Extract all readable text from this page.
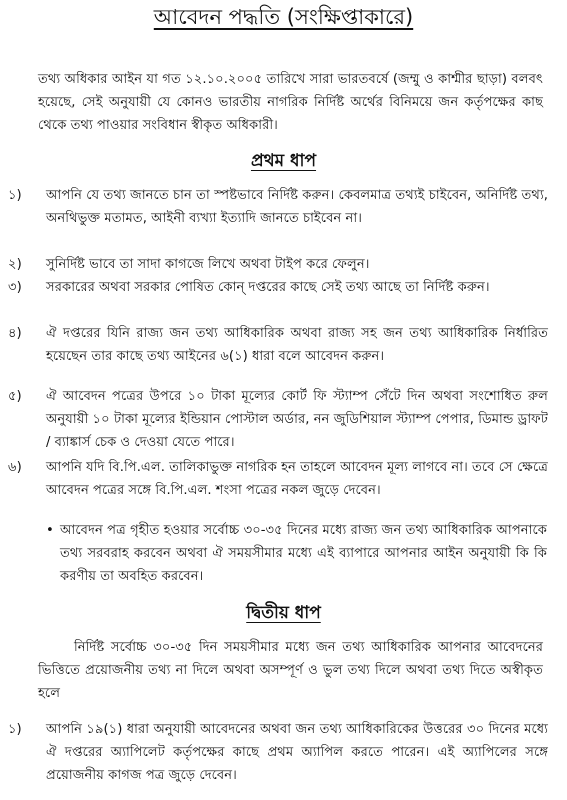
আবেদন পদ্ধতি (সংক্ষিপ্তাকারে)
তথ্য অধিকার আইন যা গত ১২.১০.২০০৫ তারিখে সারা ভারতবর্ষে (জম্মু ও কাশ্মীর ছাড়া) বলবৎ হয়েছে, সেই অনুযায়ী যে কোনও ভারতীয় নাগরিক নির্দিষ্ট অর্থের বিনিময়ে জন কর্তৃপক্ষের কাছ থেকে তথ্য পাওয়ার সংবিধান স্বীকৃত অধিকারী।
প্রথম ধাপ
১)	আপনি যে তথ্য জানতে চান তা স্পষ্টভাবে নির্দিষ্ট করুন। কেবলমাত্র তথ্যই চাইবেন, অনির্দিষ্ট তথ্য, অনথিভুক্ত মতামত, আইনী ব্যখ্যা ইত্যাদি জানতে চাইবেন না।
২)	সুনির্দিষ্ট ভাবে তা সাদা কাগজে লিখে অথবা টাইপ করে ফেলুন।
৩)	সরকারের অথবা সরকার পোষিত কোন্ দপ্তরের কাছে সেই তথ্য আছে তা নির্দিষ্ট করুন।
৪)	ঐ দপ্তরের যিনি রাজ্য জন তথ্য আধিকারিক অথবা রাজ্য সহ জন তথ্য আধিকারিক নির্ধারিত হয়েছেন তার কাছে তথ্য আইনের ৬(১) ধারা বলে আবেদন করুন।
৫)	ঐ আবেদন পত্রের উপরে ১০ টাকা মূল্যের কোর্ট ফি স্ট্যাম্প সেঁটে দিন অথবা সংশোধিত রুল অনুযায়ী ১০ টাকা মূল্যের ইন্ডিয়ান পোস্টাল অর্ডার, নন জুডিশিয়াল স্ট্যাম্প পেপার, ডিমান্ড ড্রাফট / ব্যাঙ্কার্স চেক ও দেওয়া যেতে পারে।
৬)	আপনি যদি বি.পি.এল. তালিকাভুক্ত নাগরিক হন তাহলে আবেদন মূল্য লাগবে না। তবে সে ক্ষেত্রে আবেদন পত্রের সঙ্গে বি.পি.এল. শংসা পত্রের নকল জুড়ে দেবেন।
• আবেদন পত্র গৃহীত হওয়ার সর্বোচ্চ ৩০-৩৫ দিনের মধ্যে রাজ্য জন তথ্য আধিকারিক আপনাকে তথ্য সরবরাহ করবেন অথবা ঐ সময়সীমার মধ্যে এই ব্যাপারে আপনার আইন অনুযায়ী কি কি করণীয় তা অবহিত করবেন।
দ্বিতীয় ধাপ
নির্দিষ্ট সর্বোচ্চ ৩০-৩৫ দিন সময়সীমার মধ্যে জন তথ্য আধিকারিক আপনার আবেদনের ভিত্তিতে প্রয়োজনীয় তথ্য না দিলে অথবা অসম্পূর্ণ ও ভুল তথ্য দিলে অথবা তথ্য দিতে অস্বীকৃত হলে
১)	আপনি ১৯(১) ধারা অনুযায়ী আবেদনের অথবা জন তথ্য আধিকারিকের উত্তরের ৩০ দিনের মধ্যে ঐ দপ্তরের অ্যাপিলেট কর্তৃপক্ষের কাছে প্রথম অ্যাপিল করতে পারেন। এই অ্যাপিলের সঙ্গে প্রয়োজনীয় কাগজ পত্র জুড়ে দেবেন।
